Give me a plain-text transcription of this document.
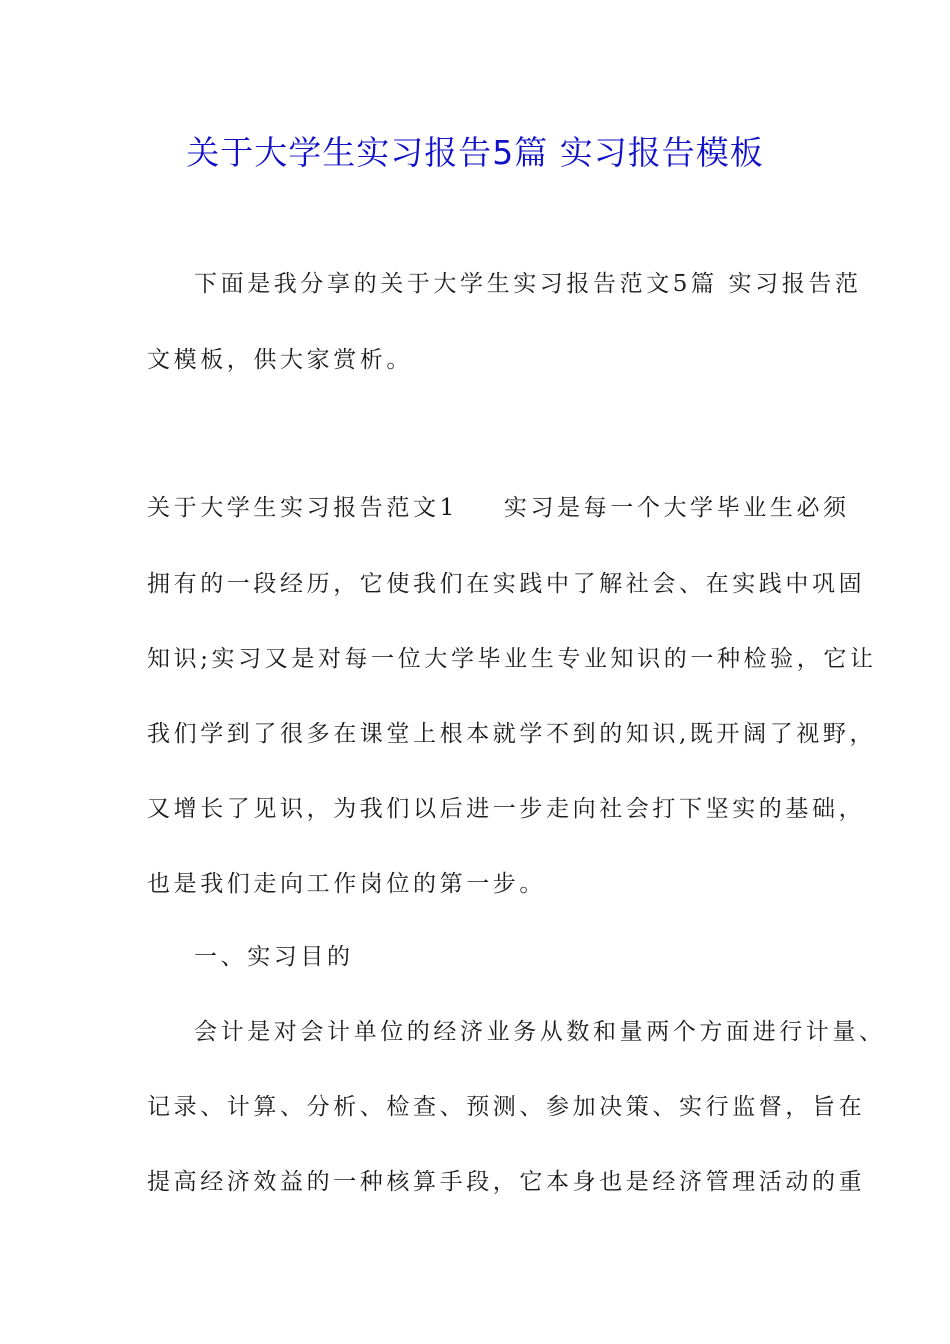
关于大学生实习报告5篇 实习报告模板

下面是我分享的关于大学生实习报告范文5篇 实习报告范

文模板，供大家赏析。

关于大学生实习报告范文1 实习是每一个大学毕业生必须

拥有的一段经历，它使我们在实践中了解社会、在实践中巩固

知识;实习又是对每一位大学毕业生专业知识的一种检验，它让

我们学到了很多在课堂上根本就学不到的知识,既开阔了视野，

又增长了见识，为我们以后进一步走向社会打下坚实的基础，

也是我们走向工作岗位的第一步。

一、实习目的

会计是对会计单位的经济业务从数和量两个方面进行计量、

记录、计算、分析、检查、预测、参加决策、实行监督，旨在

提高经济效益的一种核算手段，它本身也是经济管理活动的重
